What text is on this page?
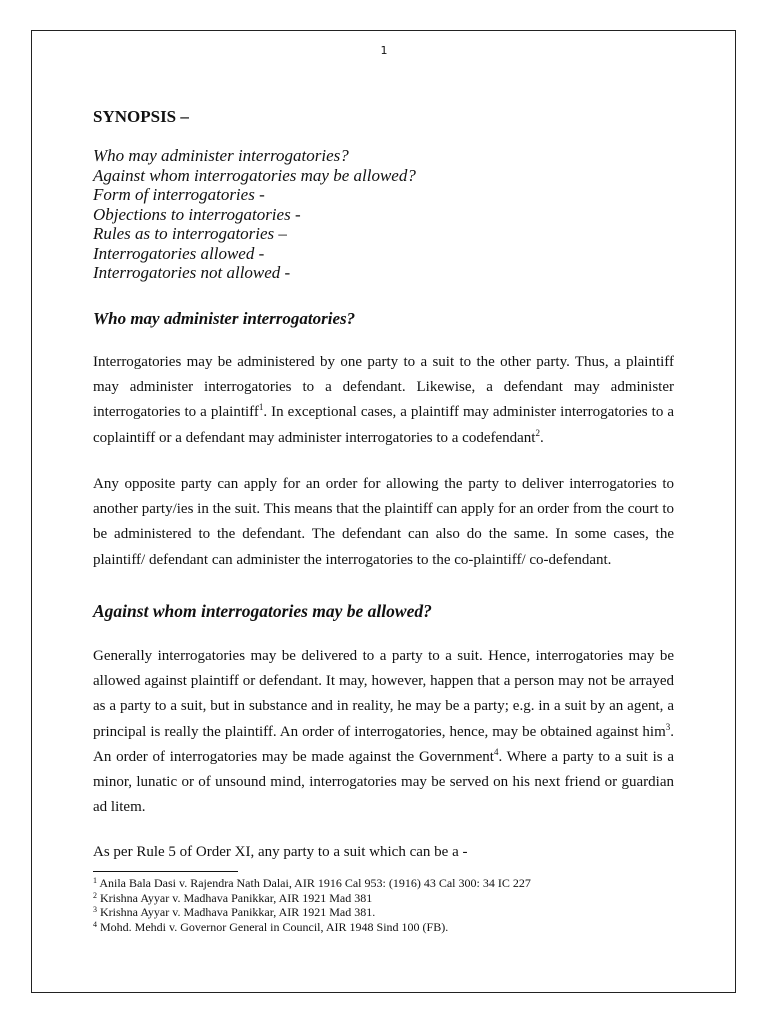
1
SYNOPSIS –
Who may administer interrogatories?
Against whom interrogatories may be allowed?
Form of interrogatories -
Objections to interrogatories -
Rules as to interrogatories –
Interrogatories allowed -
Interrogatories not allowed -
Who may administer interrogatories?
Interrogatories may be administered by one party to a suit to the other party. Thus, a plaintiff may administer interrogatories to a defendant. Likewise, a defendant may administer interrogatories to a plaintiff$^1$. In exceptional cases, a plaintiff may administer interrogatories to a coplaintiff or a defendant may administer interrogatories to a codefendant$^2$.
Any opposite party can apply for an order for allowing the party to deliver interrogatories to another party/ies in the suit. This means that the plaintiff can apply for an order from the court to be administered to the defendant. The defendant can also do the same. In some cases, the plaintiff/ defendant can administer the interrogatories to the co-plaintiff/ co-defendant.
Against whom interrogatories may be allowed?
Generally interrogatories may be delivered to a party to a suit. Hence, interrogatories may be allowed against plaintiff or defendant. It may, however, happen that a person may not be arrayed as a party to a suit, but in substance and in reality, he may be a party; e.g. in a suit by an agent, a principal is really the plaintiff. An order of interrogatories, hence, may be obtained against him$^3$. An order of interrogatories may be made against the Government$^4$. Where a party to a suit is a minor, lunatic or of unsound mind, interrogatories may be served on his next friend or guardian ad litem.
As per Rule 5 of Order XI, any party to a suit which can be a -
$^1$ Anila Bala Dasi v. Rajendra Nath Dalai, AIR 1916 Cal 953: (1916) 43 Cal 300: 34 IC 227
$^2$ Krishna Ayyar v. Madhava Panikkar, AIR 1921 Mad 381
$^3$ Krishna Ayyar v. Madhava Panikkar, AIR 1921 Mad 381.
$^4$ Mohd. Mehdi v. Governor General in Council, AIR 1948 Sind 100 (FB).
